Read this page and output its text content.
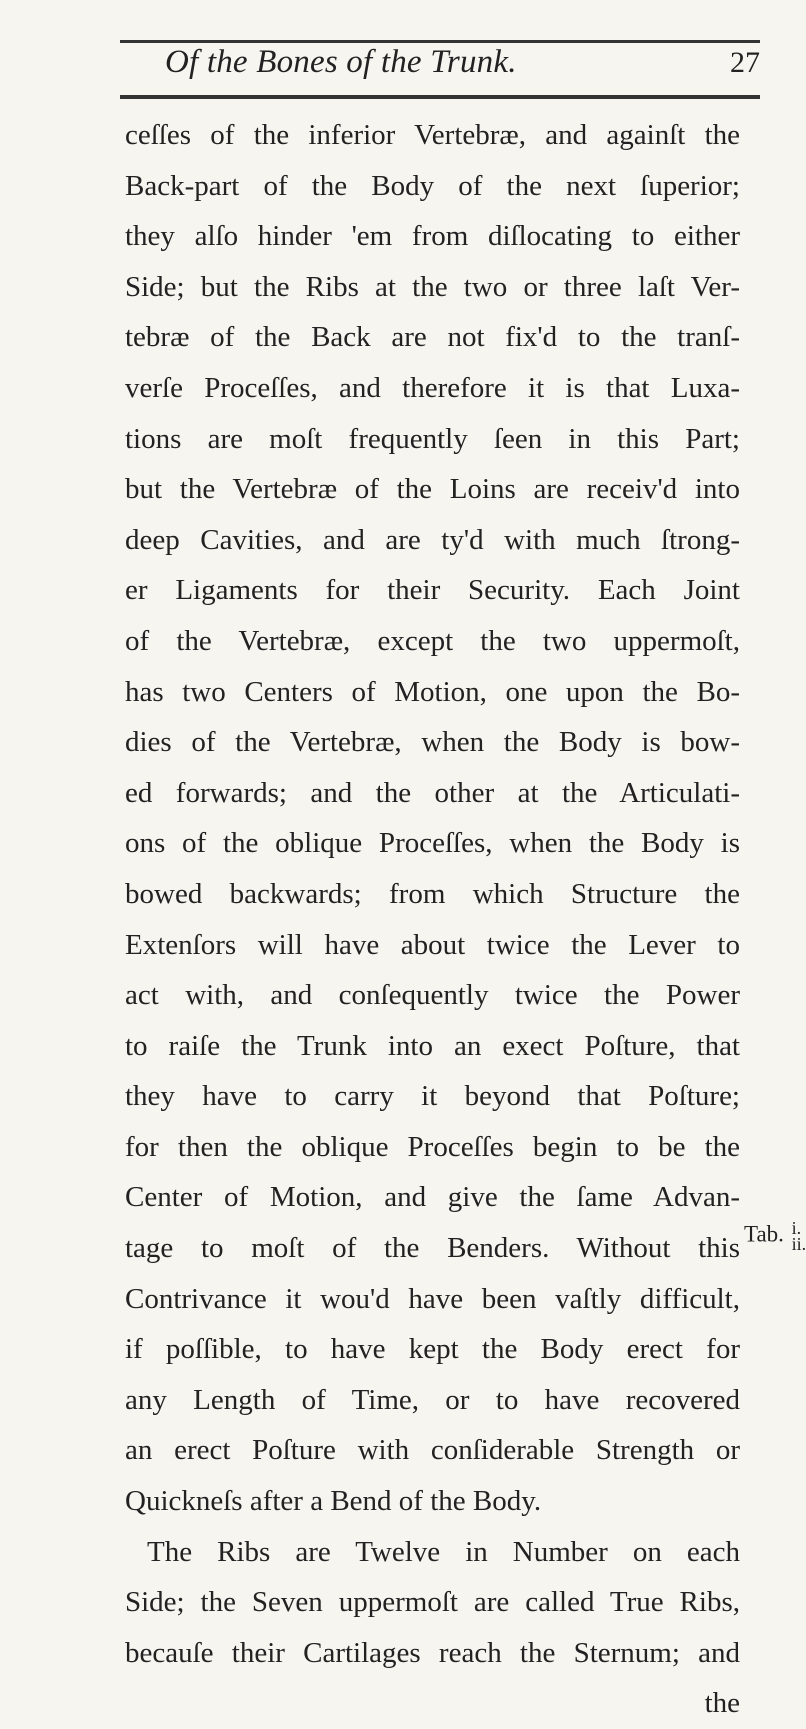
Of the Bones of the Trunk.	27
ceſſes of the inferior Vertebræ, and againſt the
Back-part of the Body of the next ſuperior;
they alſo hinder 'em from diſlocating to either
Side; but the Ribs at the two or three laſt Ver-
tebræ of the Back are not fix'd to the tranſ-
verſe Proceſſes, and therefore it is that Luxa-
tions are moſt frequently ſeen in this Part;
but the Vertebræ of the Loins are receiv'd into
deep Cavities, and are ty'd with much ſtrong-
er Ligaments for their Security. Each Joint
of the Vertebræ, except the two uppermoſt,
has two Centers of Motion, one upon the Bo-
dies of the Vertebræ, when the Body is bow-
ed forwards; and the other at the Articulati-
ons of the oblique Proceſſes, when the Body is
bowed backwards; from which Structure the
Extenſors will have about twice the Lever to
act with, and conſequently twice the Power
to raiſe the Trunk into an exect Poſture, that
they have to carry it beyond that Poſture;
for then the oblique Proceſſes begin to be the
Center of Motion, and give the ſame Advan-
tage to moſt of the Benders. Without this
Contrivance it wou'd have been vaſtly difficult,
if poſſible, to have kept the Body erect for
any Length of Time, or to have recovered
an erect Poſture with conſiderable Strength or
Quickneſs after a Bend of the Body.
The Ribs are Twelve in Number on each
Side; the Seven uppermoſt are called True Ribs,
becauſe their Cartilages reach the Sternum; and
the
Tab. i.
ii.
